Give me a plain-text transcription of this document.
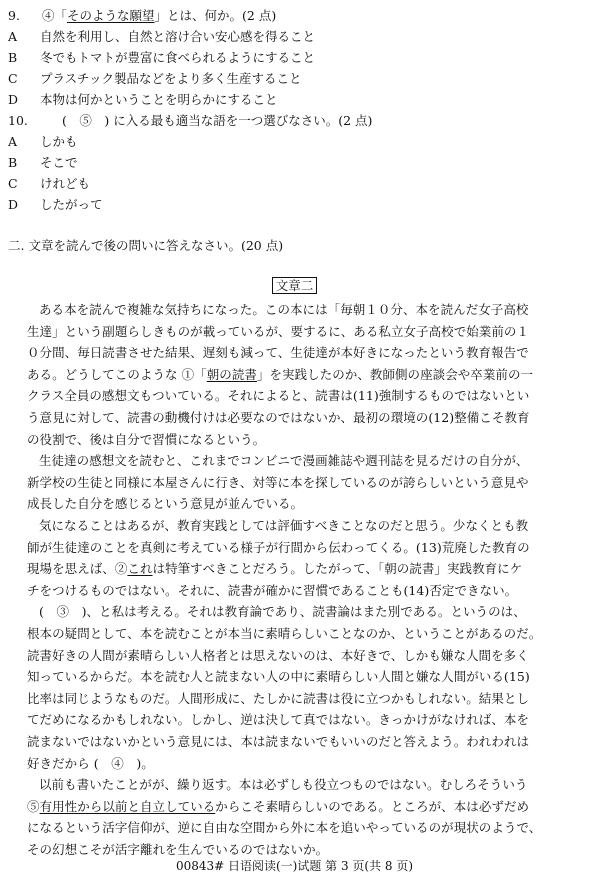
9. ④「そのような願望」とは、何か。(2 点)
A 自然を利用し、自然と溶け合い安心感を得ること
B 冬でもトマトが豊富に食べられるようにすること
C プラスチック製品などをより多く生産すること
D 本物は何かということを明らかにすること
10.	(　⑤　) に入る最も適当な語を一つ選びなさい。(2 点)
A しかも
B そこで
C けれども
D したがって
二. 文章を読んで後の問いに答えなさい。(20 点)
文章二
ある本を読んで複雑な気持ちになった。この本には「毎朝１０分、本を読んだ女子高校
生達」という副題らしきものが載っているが、要するに、ある私立女子高校で始業前の１
０分間、毎日読書させた結果、遅刻も減って、生徒達が本好きになったという教育報告で
ある。どうしてこのような ①「朝の読書」を実践したのか、教師側の座談会や卒業前の一
クラス全員の感想文もついている。それによると、読書は(11)強制するものではないとい
う意見に対して、読書の動機付けは必要なのではないか、最初の環境の(12)整備こそ教育
の役割で、後は自分で習慣になるという。
生徒達の感想文を読むと、これまでコンビニで漫画雑誌や週刊誌を見るだけの自分が、
新学校の生徒と同様に本屋さんに行き、対等に本を探しているのが誇らしいという意見や
成長した自分を感じるという意見が並んでいる。
気になることはあるが、教育実践としては評価すべきことなのだと思う。少なくとも教
師が生徒達のことを真剣に考えている様子が行間から伝わってくる。(13)荒廃した教育の
現場を思えば、②これは特筆すべきことだろう。したがって、「朝の読書」実践教育にケ
チをつけるものではない。それに、読書が確かに習慣であることも(14)否定できない。
(　③　)、と私は考える。それは教育論であり、読書論はまた別である。というのは、
根本の疑問として、本を読むことが本当に素晴らしいことなのか、ということがあるのだ。
読書好きの人間が素晴らしい人格者とは思えないのは、本好きで、しかも嫌な人間を多く
知っているからだ。本を読む人と読まない人の中に素晴らしい人間と嫌な人間がいる(15)
比率は同じようなものだ。人間形成に、たしかに読書は役に立つかもしれない。結果とし
てだめになるかもしれない。しかし、逆は決して真ではない。きっかけがなければ、本を
読まないではないかという意見には、本は読まないでもいいのだと答えよう。われわれは
好きだから (　④　)。
以前も書いたことがが、繰り返す。本は必ずしも役立つものではない。むしろそういう
⑤有用性から以前と自立しているからこそ素晴らしいのである。ところが、本は必ずだめ
になるという活字信仰が、逆に自由な空間から外に本を追いやっているのが現状のようで、
その幻想こそが活字離れを生んでいるのではないか。
00843# 日语阅读(一)试题 第 3 页(共 8 页)
